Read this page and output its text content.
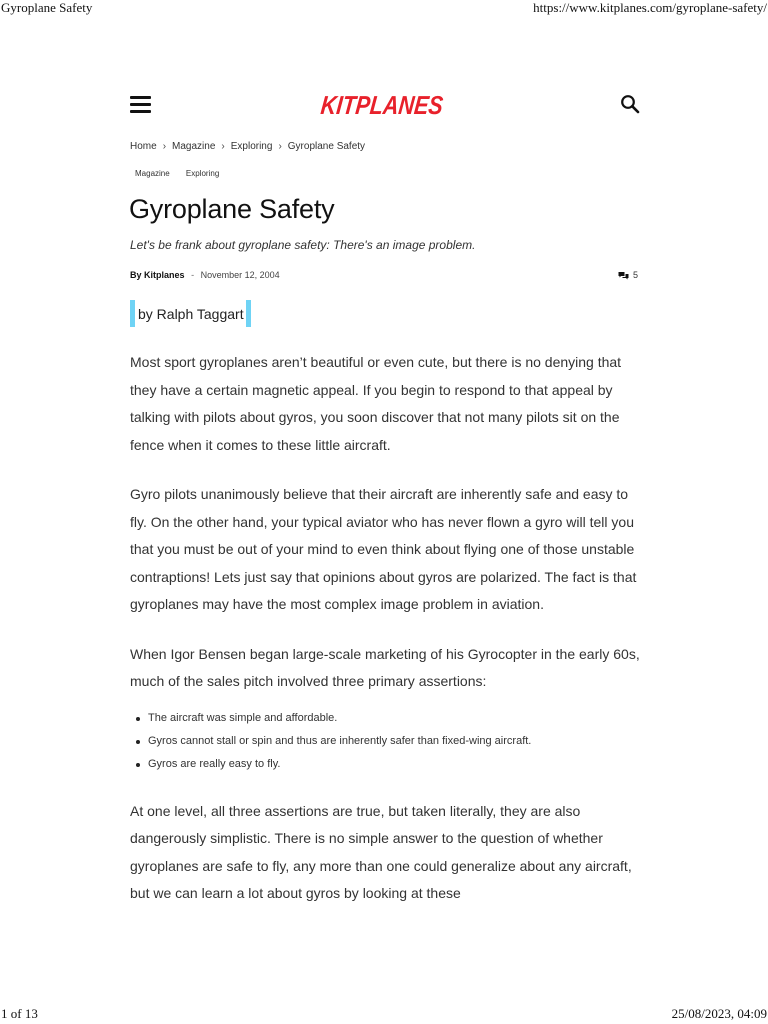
Gyroplane Safety	https://www.kitplanes.com/gyroplane-safety/
KITPLANES
Home › Magazine › Exploring › Gyroplane Safety
Magazine Exploring
Gyroplane Safety
Let's be frank about gyroplane safety: There's an image problem.
By Kitplanes - November 12, 2004	5
by Ralph Taggart

Most sport gyroplanes aren’t beautiful or even cute, but there is no denying that they have a certain magnetic appeal. If you begin to respond to that appeal by talking with pilots about gyros, you soon discover that not many pilots sit on the fence when it comes to these little aircraft.

Gyro pilots unanimously believe that their aircraft are inherently safe and easy to fly. On the other hand, your typical aviator who has never flown a gyro will tell you that you must be out of your mind to even think about flying one of those unstable contraptions! Lets just say that opinions about gyros are polarized. The fact is that gyroplanes may have the most complex image problem in aviation.

When Igor Bensen began large-scale marketing of his Gyrocopter in the early 60s, much of the sales pitch involved three primary assertions:

The aircraft was simple and affordable.
Gyros cannot stall or spin and thus are inherently safer than fixed-wing aircraft.
Gyros are really easy to fly.

At one level, all three assertions are true, but taken literally, they are also dangerously simplistic. There is no simple answer to the question of whether gyroplanes are safe to fly, any more than one could generalize about any aircraft, but we can learn a lot about gyros by looking at these

1 of 13	25/08/2023, 04:09
